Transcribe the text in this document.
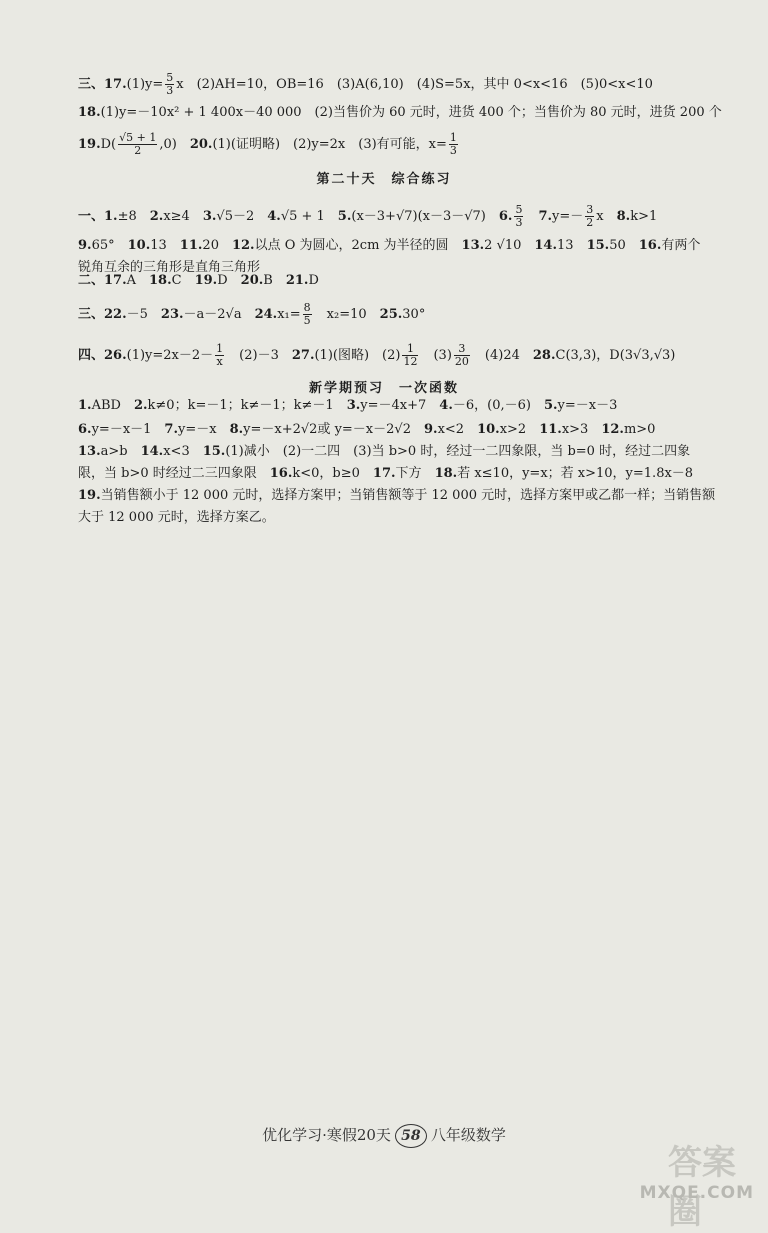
三、$17.(1)y= \frac{5}{3}$ x　(2)AH=10，OB=16　(3)A(6,10)　(4)S=5x，其中 0<x<16　(5)0<x<10
18.(1)y=－10x² + 1 400x－40 000　(2)当售价为 60 元时，进货 400 个；当售价为 80 元时，进货 200 个
$19.D( \frac{√5 + 1}{2} ,0)$　20.(1)(证明略)　(2)y=2x　(3)有可能，$x= \frac{1}{3}$
第二十天　综合练习
一、1.±8　2.x≥4　3.√5－2　4.√5 + 1　5.(x－3+√7)(x－3－√7)　6. $\frac{5}{3}$
　 $7.y=- \frac{3}{2}$ x　8.k>1
9.65°　10.13　11.20　12.以点 O 为圆心，2cm 为半径的圆　13.2 √10　14.13　15.50　16.有两个
锐角互余的三角形是直角三角形
二、17.A　18.C　19.D　20.B　21.D
三、22.－5　23.－a－2√a　$24.x_1= \frac{8}{5}$
　 x₂=10　25.30°
四、$26.(1)y=2x-2- \frac{1}{x}$
　 (2)－3　27.(1)(图略)　$(2) \frac{1}{12}$
　 $(3) \frac{3}{20}$
　 (4)24　28.C(3,3)，D(3√3,√3)
新学期预习　一次函数
1.ABD　2.k≠0；k=－1；k≠－1；k≠－1　3.y=－4x+7　4.－6，(0,－6)　5.y=－x－3
6.y=－x－1　7.y=－x　8.y=－x+2√2或 y=－x－2√2　9.x<2　10.x>2　11.x>3　12.m>0
13.a>b　14.x<3　15.(1)减小　(2)一二四　(3)当 b>0 时，经过一二四象限，当 b=0 时，经过二四象
限，当 b>0 时经过二三四象限　16.k<0，b≥0　17.下方　18.若 x≤10，y=x；若 x>10，y=1.8x－8
19.当销售额小于 12 000 元时，选择方案甲；当销售额等于 12 000 元时，选择方案甲或乙都一样；当销售额
大于 12 000 元时，选择方案乙。
优化学习·寒假20天 58 八年级数学
答案圈
MXQE.COM
